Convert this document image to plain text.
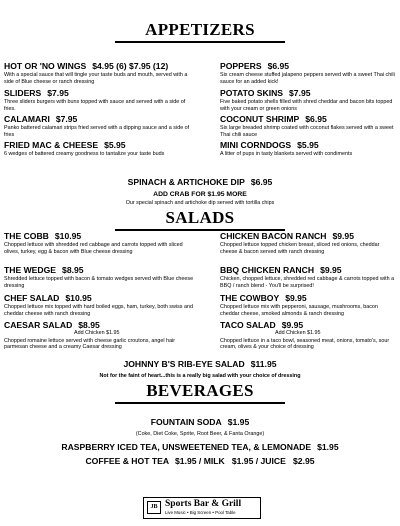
APPETIZERS
HOT OR 'NO WINGS $4.95 (6) $7.95 (12)
With a special sauce that will tingle your taste buds and mouth, served with a side of Blue cheese or ranch dressing
SLIDERS $7.95
Three sliders burgers with buns topped with sauce and served with a side of fries.
CALAMARI $7.95
Panko battered calamari strips fried served with a dipping sauce and a side of fries
FRIED MAC & CHEESE $5.95
6 wedges of battered creamy goodness to tantalize your taste buds
POPPERS $6.95
Six cream cheese stuffed jalapeno peppers served with a sweet Thai chili sauce for an added kick!
POTATO SKINS $7.95
Five baked potato shells filled with shred cheddar and bacon bits topped with your cream or green onions
COCONUT SHRIMP $6.95
Six large breaded shrimp coated with coconut flakes served with a sweet Thai chili sauce
MINI CORNDOGS $5.95
A litter of pups in tasty blankets served with condiments
SPINACH & ARTICHOKE DIP $6.95
ADD CRAB FOR $1.95 MORE
Our special spinach and artichoke dip served with tortilla chips
SALADS
THE COBB $10.95
Chopped lettuce with shredded red cabbage and carrots topped with sliced olives, turkey, egg & bacon with Blue cheese dressing
THE WEDGE $8.95
Shredded lettuce topped with bacon & tomato wedges served with Blue cheese dressing
CHEF SALAD $10.95
Chopped lettuce mix topped with hard boiled eggs, ham, turkey, both swiss and cheddar cheese with ranch dressing
CAESAR SALAD $8.95
Add Chicken $1.95
Chopped romaine lettuce served with cheese garlic croutons, angel hair parmesan cheese and a creamy Caesar dressing
CHICKEN BACON RANCH $9.95
Chopped lettuce topped chicken breast, sliced red onions, cheddar cheese & bacon served with ranch dressing
BBQ CHICKEN RANCH $9.95
Chicken, chopped lettuce, shredded red cabbage & carrots topped with a BBQ / ranch blend - You'll be surprised!
THE COWBOY $9.95
Chopped lettuce mix with pepperoni, sausage, mushrooms, bacon cheddar cheese, smoked almonds & ranch dressing
TACO SALAD $9.95
Add Chicken $1.95
Chopped lettuce in a taco bowl, seasoned meat, onions, tomato's, sour cream, olives & your choice of dressing
JOHNNY B'S RIB-EYE SALAD $11.95
Not for the faint of heart...this is a really big salad with your choice of dressing
BEVERAGES
FOUNTAIN SODA $1.95
(Coke, Diet Coke, Sprite, Root Beer, & Fanta Orange)
RASPBERRY ICED TEA, UNSWEETENED TEA, & LEMONADE $1.95
COFFEE & HOT TEA $1.95 / MILK   $1.95 / JUICE   $2.95
JB Sports Bar & Grill
Live Music • Big Screen • Pool Table
